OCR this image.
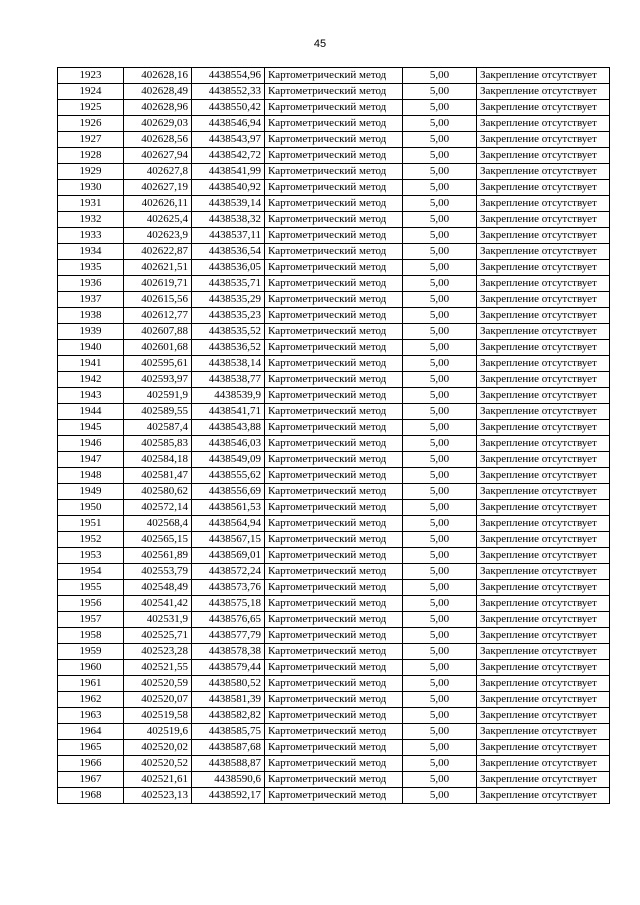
45
1923	402628,16	4438554,96	Картометрический метод	5,00	Закрепление отсутствует
1924	402628,49	4438552,33	Картометрический метод	5,00	Закрепление отсутствует
1925	402628,96	4438550,42	Картометрический метод	5,00	Закрепление отсутствует
1926	402629,03	4438546,94	Картометрический метод	5,00	Закрепление отсутствует
1927	402628,56	4438543,97	Картометрический метод	5,00	Закрепление отсутствует
1928	402627,94	4438542,72	Картометрический метод	5,00	Закрепление отсутствует
1929	402627,8	4438541,99	Картометрический метод	5,00	Закрепление отсутствует
1930	402627,19	4438540,92	Картометрический метод	5,00	Закрепление отсутствует
1931	402626,11	4438539,14	Картометрический метод	5,00	Закрепление отсутствует
1932	402625,4	4438538,32	Картометрический метод	5,00	Закрепление отсутствует
1933	402623,9	4438537,11	Картометрический метод	5,00	Закрепление отсутствует
1934	402622,87	4438536,54	Картометрический метод	5,00	Закрепление отсутствует
1935	402621,51	4438536,05	Картометрический метод	5,00	Закрепление отсутствует
1936	402619,71	4438535,71	Картометрический метод	5,00	Закрепление отсутствует
1937	402615,56	4438535,29	Картометрический метод	5,00	Закрепление отсутствует
1938	402612,77	4438535,23	Картометрический метод	5,00	Закрепление отсутствует
1939	402607,88	4438535,52	Картометрический метод	5,00	Закрепление отсутствует
1940	402601,68	4438536,52	Картометрический метод	5,00	Закрепление отсутствует
1941	402595,61	4438538,14	Картометрический метод	5,00	Закрепление отсутствует
1942	402593,97	4438538,77	Картометрический метод	5,00	Закрепление отсутствует
1943	402591,9	4438539,9	Картометрический метод	5,00	Закрепление отсутствует
1944	402589,55	4438541,71	Картометрический метод	5,00	Закрепление отсутствует
1945	402587,4	4438543,88	Картометрический метод	5,00	Закрепление отсутствует
1946	402585,83	4438546,03	Картометрический метод	5,00	Закрепление отсутствует
1947	402584,18	4438549,09	Картометрический метод	5,00	Закрепление отсутствует
1948	402581,47	4438555,62	Картометрический метод	5,00	Закрепление отсутствует
1949	402580,62	4438556,69	Картометрический метод	5,00	Закрепление отсутствует
1950	402572,14	4438561,53	Картометрический метод	5,00	Закрепление отсутствует
1951	402568,4	4438564,94	Картометрический метод	5,00	Закрепление отсутствует
1952	402565,15	4438567,15	Картометрический метод	5,00	Закрепление отсутствует
1953	402561,89	4438569,01	Картометрический метод	5,00	Закрепление отсутствует
1954	402553,79	4438572,24	Картометрический метод	5,00	Закрепление отсутствует
1955	402548,49	4438573,76	Картометрический метод	5,00	Закрепление отсутствует
1956	402541,42	4438575,18	Картометрический метод	5,00	Закрепление отсутствует
1957	402531,9	4438576,65	Картометрический метод	5,00	Закрепление отсутствует
1958	402525,71	4438577,79	Картометрический метод	5,00	Закрепление отсутствует
1959	402523,28	4438578,38	Картометрический метод	5,00	Закрепление отсутствует
1960	402521,55	4438579,44	Картометрический метод	5,00	Закрепление отсутствует
1961	402520,59	4438580,52	Картометрический метод	5,00	Закрепление отсутствует
1962	402520,07	4438581,39	Картометрический метод	5,00	Закрепление отсутствует
1963	402519,58	4438582,82	Картометрический метод	5,00	Закрепление отсутствует
1964	402519,6	4438585,75	Картометрический метод	5,00	Закрепление отсутствует
1965	402520,02	4438587,68	Картометрический метод	5,00	Закрепление отсутствует
1966	402520,52	4438588,87	Картометрический метод	5,00	Закрепление отсутствует
1967	402521,61	4438590,6	Картометрический метод	5,00	Закрепление отсутствует
1968	402523,13	4438592,17	Картометрический метод	5,00	Закрепление отсутствует
